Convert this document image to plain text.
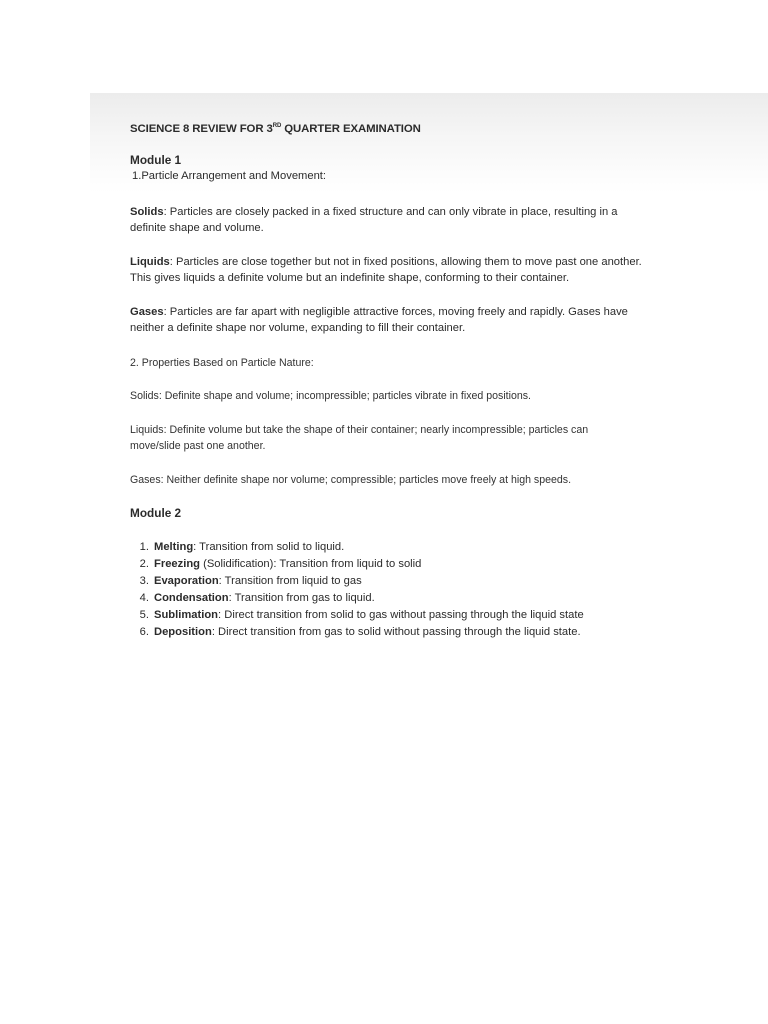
SCIENCE 8 REVIEW FOR 3RD QUARTER EXAMINATION
Module 1
1.Particle Arrangement and Movement:
Solids: Particles are closely packed in a fixed structure and can only vibrate in place, resulting in a
definite shape and volume.
Liquids: Particles are close together but not in fixed positions, allowing them to move past one another.
This gives liquids a definite volume but an indefinite shape, conforming to their container.
Gases: Particles are far apart with negligible attractive forces, moving freely and rapidly. Gases have
neither a definite shape nor volume, expanding to fill their container.
2. Properties Based on Particle Nature:
Solids: Definite shape and volume; incompressible; particles vibrate in fixed positions.
Liquids: Definite volume but take the shape of their container; nearly incompressible; particles can
move/slide past one another.
Gases: Neither definite shape nor volume; compressible; particles move freely at high speeds.
Module 2
1. Melting: Transition from solid to liquid.
2. Freezing (Solidification): Transition from liquid to solid
3. Evaporation: Transition from liquid to gas
4. Condensation: Transition from gas to liquid.
5. Sublimation: Direct transition from solid to gas without passing through the liquid state
6. Deposition: Direct transition from gas to solid without passing through the liquid state.
